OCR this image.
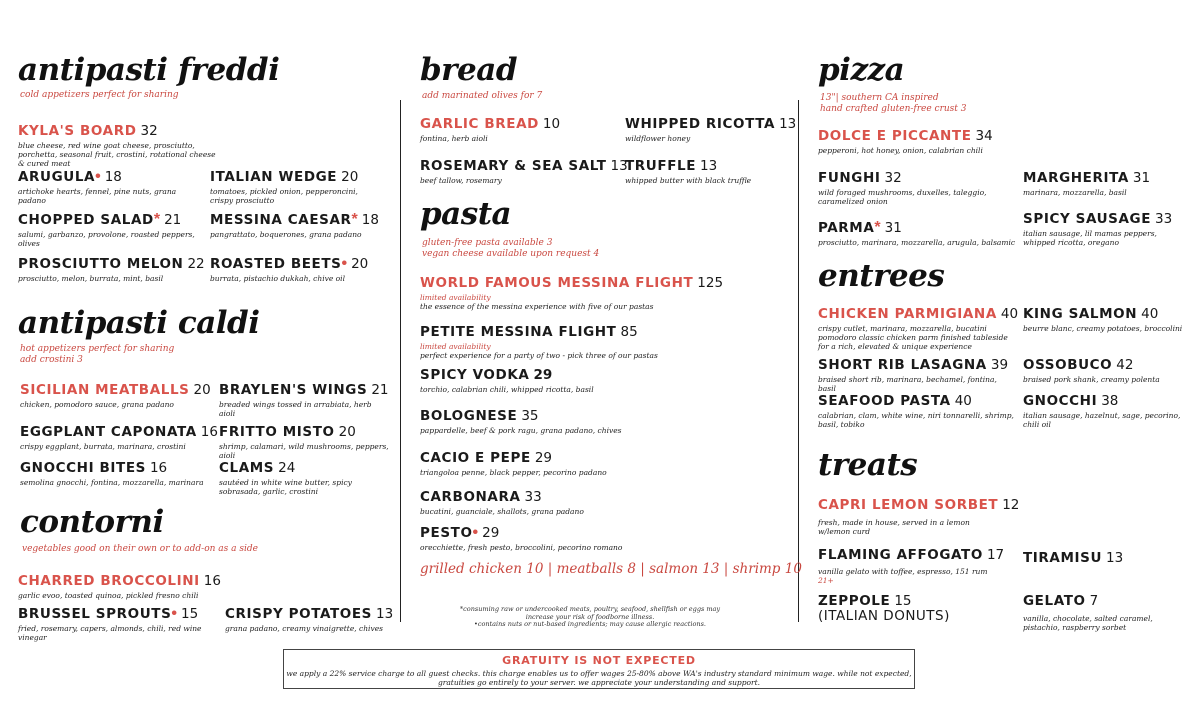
antipasti freddi
cold appetizers perfect for sharing
KYLA'S BOARD 32
blue cheese, red wine goat cheese, prosciutto, porchetta, seasonal fruit, crostini, rotational cheese & cured meat
ARUGULA• 18
artichoke hearts, fennel, pine nuts, grana padano
ITALIAN WEDGE 20
tomatoes, pickled onion, pepperoncini, crispy prosciutto
CHOPPED SALAD* 21
salumi, garbanzo, provolone, roasted peppers, olives
MESSINA CAESAR* 18
pangrattato, boquerones, grana padano
PROSCIUTTO MELON 22
prosciutto, melon, burrata, mint, basil
ROASTED BEETS• 20
burrata, pistachio dukkah, chive oil
antipasti caldi
hot appetizers perfect for sharing
add crostini 3
SICILIAN MEATBALLS 20
chicken, pomodoro sauce, grana padano
BRAYLEN'S WINGS 21
breaded wings tossed in arrabiata, herb aioli
EGGPLANT CAPONATA 16
crispy eggplant, burrata, marinara, crostini
FRITTO MISTO 20
shrimp, calamari, wild mushrooms, peppers, aioli
GNOCCHI BITES 16
semolina gnocchi, fontina, mozzarella, marinara
CLAMS 24
sautéed in white wine butter, spicy sobrasada, garlic, crostini
contorni
vegetables good on their own or to add-on as a side
CHARRED BROCCOLINI 16
garlic evoo, toasted quinoa, pickled fresno chili
BRUSSEL SPROUTS• 15
fried, rosemary, capers, almonds, chili, red wine vinegar
CRISPY POTATOES 13
grana padano, creamy vinaigrette, chives
bread
add marinated olives for 7
GARLIC BREAD 10
fontina, herb aioli
WHIPPED RICOTTA 13
wildflower honey
ROSEMARY & SEA SALT 13
beef tallow, rosemary
TRUFFLE 13
whipped butter with black truffle
pasta
gluten-free pasta available 3
vegan cheese available upon request 4
WORLD FAMOUS MESSINA FLIGHT 125
limited availability
the essence of the messina experience with five of our pastas
PETITE MESSINA FLIGHT 85
limited availability
perfect experience for a party of two - pick three of our pastas
SPICY VODKA 29
torchio, calabrian chili, whipped ricotta, basil
BOLOGNESE 35
pappardelle, beef & pork ragu, grana padano, chives
CACIO E PEPE 29
triangoloa penne, black pepper, pecorino padano
CARBONARA 33
bucatini, guanciale, shallots, grana padano
PESTO• 29
orecchiette, fresh pesto, broccolini, pecorino romano
grilled chicken 10 | meatballs 8 | salmon 13 | shrimp 10
*consuming raw or undercooked meats, poultry, seafood, shellfish or eggs may increase your risk of foodborne illness.
•contains nuts or nut-based ingredients; may cause allergic reactions.
pizza
13"| southern CA inspired
hand crafted gluten-free crust 3
DOLCE E PICCANTE 34
pepperoni, hot honey, onion, calabrian chili
FUNGHI 32
wild foraged mushrooms, duxelles, taleggio, caramelized onion
MARGHERITA 31
marinara, mozzarella, basil
PARMA* 31
prosciutto, marinara, mozzarella, arugula, balsamic
SPICY SAUSAGE 33
italian sausage, lil mamas peppers, whipped ricotta, oregano
entrees
CHICKEN PARMIGIANA 40
crispy cutlet, marinara, mozzarella, bucatini pomodoro classic chicken parm finished tableside for a rich, elevated & unique experience
KING SALMON 40
beurre blanc, creamy potatoes, broccolini
SHORT RIB LASAGNA 39
braised short rib, marinara, bechamel, fontina, basil
OSSOBUCO 42
braised pork shank, creamy polenta
SEAFOOD PASTA 40
calabrian, clam, white wine, niri tonnarelli, shrimp, basil, tobiko
GNOCCHI 38
italian sausage, hazelnut, sage, pecorino, chili oil
treats
CAPRI LEMON SORBET 12
fresh, made in house, served in a lemon w/lemon curd
FLAMING AFFOGATO 17
vanilla gelato with toffee, espresso, 151 rum
21+
TIRAMISU 13
ZEPPOLE 15
(ITALIAN DONUTS)
GELATO 7
vanilla, chocolate, salted caramel, pistachio, raspberry sorbet
GRATUITY IS NOT EXPECTED
we apply a 22% service charge to all guest checks. this charge enables us to offer wages 25-80% above WA's industry standard minimum wage. while not expected,
gratuities go entirely to your server. we appreciate your understanding and support.
